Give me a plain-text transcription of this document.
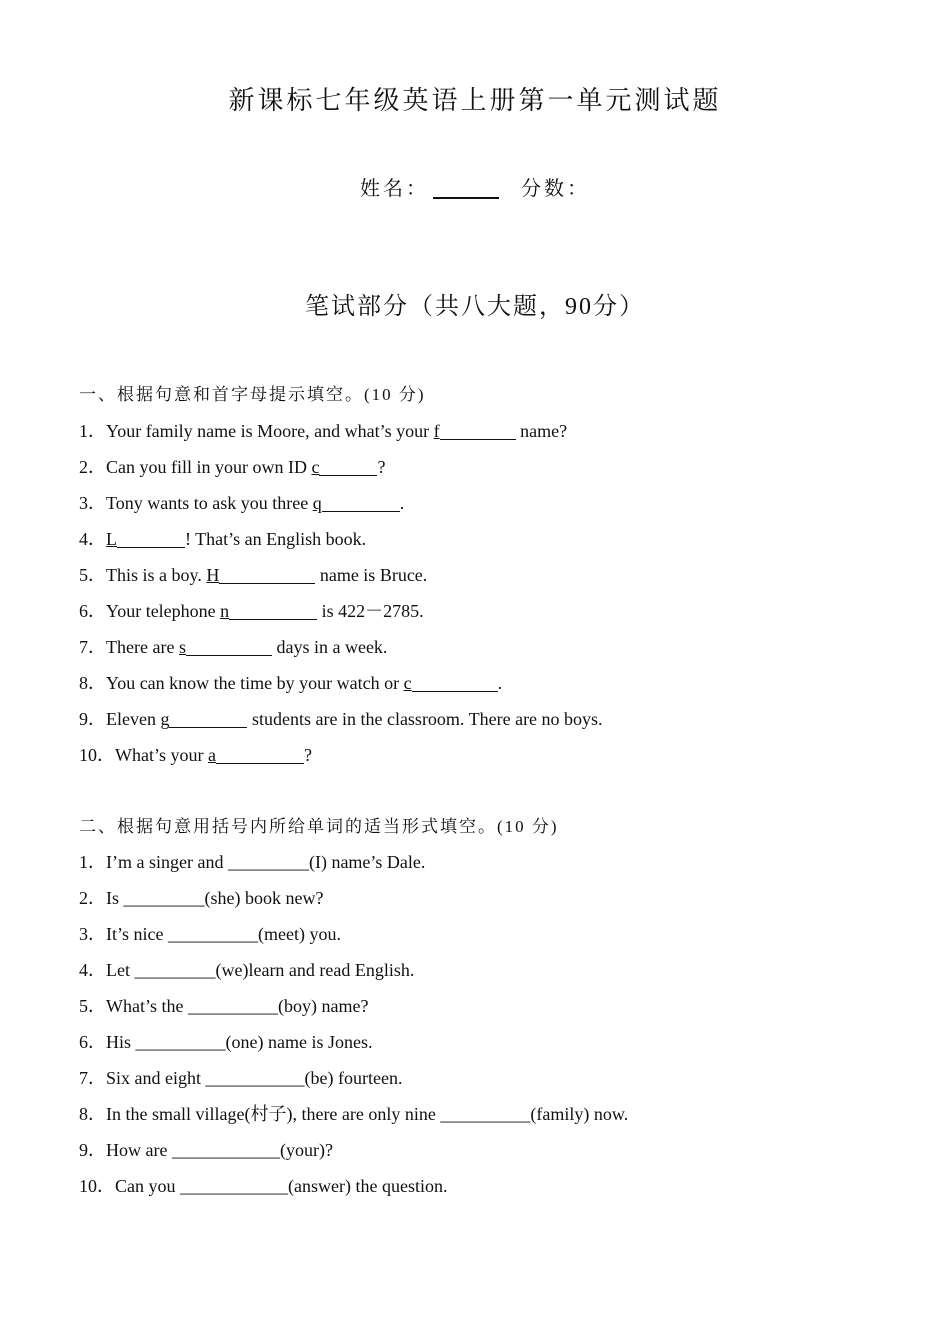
新课标七年级英语上册第一单元测试题
姓名：	分数：
笔试部分（共八大题，90分）
一、根据句意和首字母提示填空。(10 分)
1．Your family name is Moore, and what’s your f	name?
2．Can you fill in your own ID c	?
3．Tony wants to ask you three q	.
4．L	! That’s an English book.
5．This is a boy. H	name is Bruce.
6．Your telephone n	is 422－2785.
7．There are s	days in a week.
8．You can know the time by your watch or c	.
9．Eleven g	students are in the classroom. There are no boys.
10．What’s your a	?
二、根据句意用括号内所给单词的适当形式填空。(10 分)
1．I’m a singer and _________(I) name’s Dale.
2．Is _________(she) book new?
3．It’s nice __________(meet) you.
4．Let _________(we)learn and read English.
5．What’s the __________(boy) name?
6．His __________(one) name is Jones.
7．Six and eight ___________(be) fourteen.
8．In the small village(村子), there are only nine __________(family) now.
9．How are ____________(your)?
10．Can you ____________(answer) the question.
